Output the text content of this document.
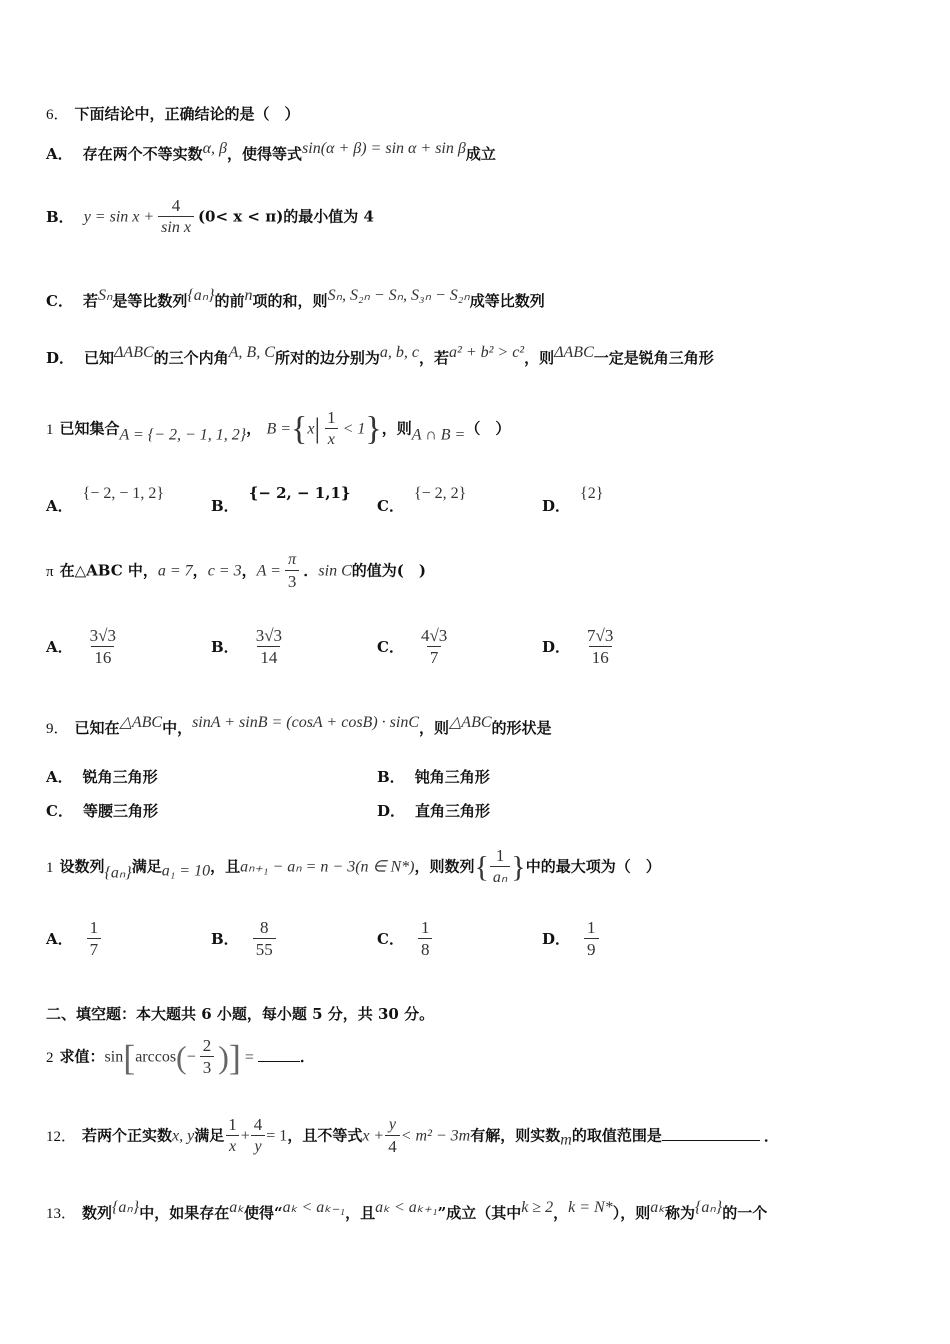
6． 下面结论中，正确结论的是（　）
A． 存在两个不等实数$^{\alpha, \beta}$，使得等式$^{sin(\alpha + \beta) = sin \alpha + sin \beta}$成立
B． $y = \sin x + \frac{4}{\text{sin x}} (0< x < \pi)$的最小值为 4
C． 若$^{S_n}$是等比数列$^{\{a_n\}}$的前$^n$项的和，则$^{S_n, S_{2n} - S_n, S_{3n} - S_{2n}}$成等比数列
D． 已知$^{\Delta ABC}$的三个内角$^{A, B, C}$所对的边分别为$^{a, b, c}$，若$^{a^2 + b^2 > c^2}$，则$^{\Delta ABC}$一定是锐角三角形
1 已知集合A = {− 2, − 1, 1, 2}， $B =\{x| \frac{1}{x} < 1\}$，则A ∩ B =（　）
A．{− 2, − 1, 2}
B．{− 2, − 1,1}
C．{− 2, 2}
D．{2}
π 在△ABC 中，a = 7，c = 3，$A = \frac{\pi}{3}$ ．sin C的值为(　)
A． $\frac{3√3}{16}$	B． $\frac{3√3}{14}$	C． $\frac{4√3}{7}$	D． $\frac{7√3}{16}$
9． 已知在$^{\triangle ABC}$中，$^{sinA + sinB = (cosA + cosB) \cdot sinC}$，则$^{\triangle ABC}$的形状是
A． 锐角三角形	B． 钝角三角形
C． 等腰三角形	D． 直角三角形
1 设数列{aₙ}满足a₁ = 10，且aₙ₊₁ − aₙ = n − 3(n ∈ N*)，则数列{ $\frac{1}{\text{aₙ}}$ }中的最大项为（　）
A． $\frac{1}{7}$	B． $\frac{8}{55}$	C． $\frac{1}{8}$	D． $\frac{1}{9}$
二、填空题：本大题共 6 小题，每小题 5 分，共 30 分。
2 求值：$\sin[\arccos(- \frac{2}{3}$ )] =	．
12． 若两个正实数x, y满足 $\frac{1}{x} + \frac{4}{y} = 1$，且不等式$x + \frac{y}{4} < m^2 - 3m$有解，则实数m的取值范围是	．
13． 数列$^{\{a_n\}}$中，如果存在$^{a_k}$使得“$^{a_k < a_{k-1}}$，且$^{a_k < a_{k+1}}$”成立（其中$^{k \ge 2}$，$^{k = N*}$），则$^{a_k}$称为$^{\{a_n\}}$的一个
